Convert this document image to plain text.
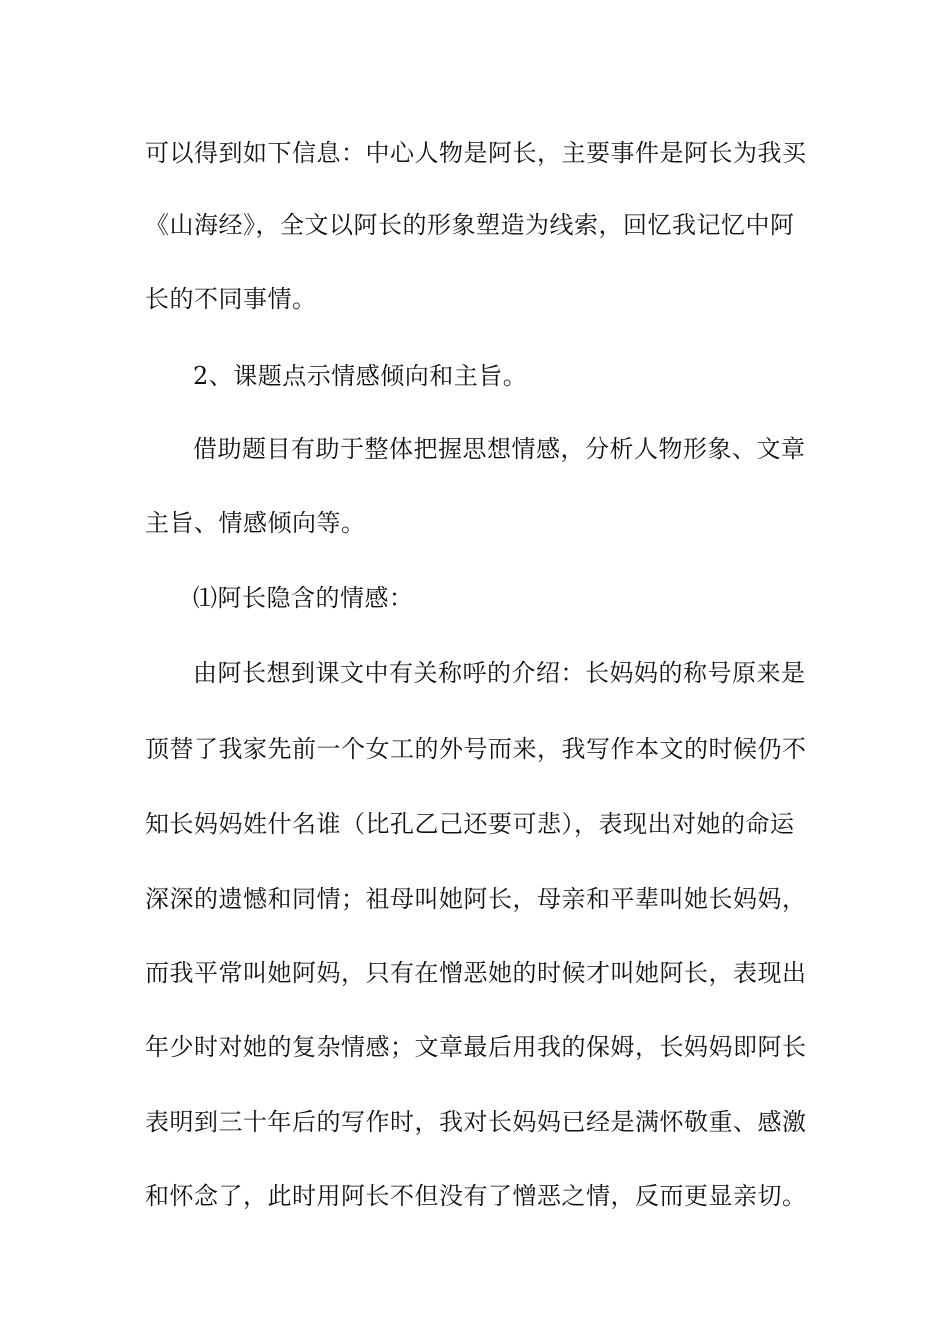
可以得到如下信息：中心人物是阿长，主要事件是阿长为我买
《山海经》，全文以阿长的形象塑造为线索，回忆我记忆中阿
长的不同事情。
2、课题点示情感倾向和主旨。
借助题目有助于整体把握思想情感，分析人物形象、文章
主旨、情感倾向等。
⑴阿长隐含的情感：
由阿长想到课文中有关称呼的介绍：长妈妈的称号原来是
顶替了我家先前一个女工的外号而来，我写作本文的时候仍不
知长妈妈姓什名谁（比孔乙己还要可悲），表现出对她的命运
深深的遗憾和同情；祖母叫她阿长，母亲和平辈叫她长妈妈，
而我平常叫她阿妈，只有在憎恶她的时候才叫她阿长，表现出
年少时对她的复杂情感；文章最后用我的保姆，长妈妈即阿长
表明到三十年后的写作时，我对长妈妈已经是满怀敬重、感激
和怀念了，此时用阿长不但没有了憎恶之情，反而更显亲切。
